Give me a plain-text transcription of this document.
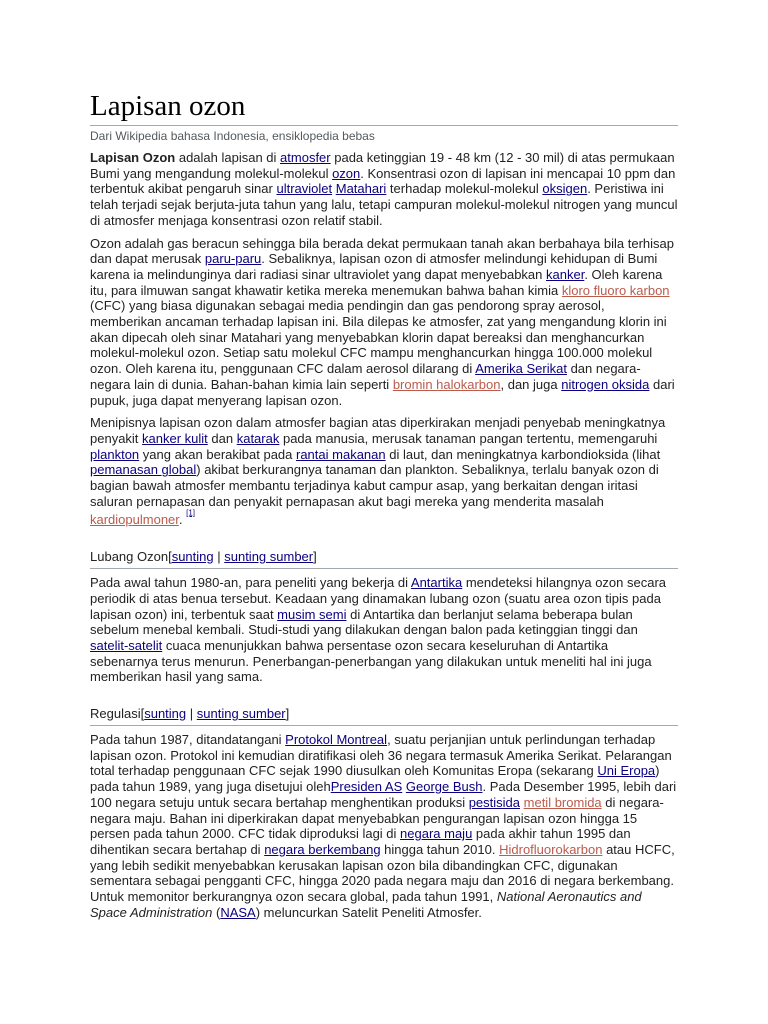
Lapisan ozon
Dari Wikipedia bahasa Indonesia, ensiklopedia bebas

Lapisan Ozon adalah lapisan di atmosfer pada ketinggian 19 - 48 km (12 - 30 mil) di atas permukaan Bumi yang mengandung molekul-molekul ozon. Konsentrasi ozon di lapisan ini mencapai 10 ppm dan terbentuk akibat pengaruh sinar ultraviolet Matahari terhadap molekul-molekul oksigen. Peristiwa ini telah terjadi sejak berjuta-juta tahun yang lalu, tetapi campuran molekul-molekul nitrogen yang muncul di atmosfer menjaga konsentrasi ozon relatif stabil.

Ozon adalah gas beracun sehingga bila berada dekat permukaan tanah akan berbahaya bila terhisap dan dapat merusak paru-paru. Sebaliknya, lapisan ozon di atmosfer melindungi kehidupan di Bumi karena ia melindunginya dari radiasi sinar ultraviolet yang dapat menyebabkan kanker. Oleh karena itu, para ilmuwan sangat khawatir ketika mereka menemukan bahwa bahan kimia kloro fluoro karbon (CFC) yang biasa digunakan sebagai media pendingin dan gas pendorong spray aerosol, memberikan ancaman terhadap lapisan ini. Bila dilepas ke atmosfer, zat yang mengandung klorin ini akan dipecah oleh sinar Matahari yang menyebabkan klorin dapat bereaksi dan menghancurkan molekul-molekul ozon. Setiap satu molekul CFC mampu menghancurkan hingga 100.000 molekul ozon. Oleh karena itu, penggunaan CFC dalam aerosol dilarang di Amerika Serikat dan negara-negara lain di dunia. Bahan-bahan kimia lain seperti bromin halokarbon, dan juga nitrogen oksida dari pupuk, juga dapat menyerang lapisan ozon.

Menipisnya lapisan ozon dalam atmosfer bagian atas diperkirakan menjadi penyebab meningkatnya penyakit kanker kulit dan katarak pada manusia, merusak tanaman pangan tertentu, memengaruhi plankton yang akan berakibat pada rantai makanan di laut, dan meningkatnya karbondioksida (lihat pemanasan global) akibat berkurangnya tanaman dan plankton. Sebaliknya, terlalu banyak ozon di bagian bawah atmosfer membantu terjadinya kabut campur asap, yang berkaitan dengan iritasi saluran pernapasan dan penyakit pernapasan akut bagi mereka yang menderita masalah kardiopulmoner. [1]

Lubang Ozon[sunting | sunting sumber]

Pada awal tahun 1980-an, para peneliti yang bekerja di Antartika mendeteksi hilangnya ozon secara periodik di atas benua tersebut. Keadaan yang dinamakan lubang ozon (suatu area ozon tipis pada lapisan ozon) ini, terbentuk saat musim semi di Antartika dan berlanjut selama beberapa bulan sebelum menebal kembali. Studi-studi yang dilakukan dengan balon pada ketinggian tinggi dan satelit-satelit cuaca menunjukkan bahwa persentase ozon secara keseluruhan di Antartika sebenarnya terus menurun. Penerbangan-penerbangan yang dilakukan untuk meneliti hal ini juga memberikan hasil yang sama.

Regulasi[sunting | sunting sumber]

Pada tahun 1987, ditandatangani Protokol Montreal, suatu perjanjian untuk perlindungan terhadap lapisan ozon. Protokol ini kemudian diratifikasi oleh 36 negara termasuk Amerika Serikat. Pelarangan total terhadap penggunaan CFC sejak 1990 diusulkan oleh Komunitas Eropa (sekarang Uni Eropa) pada tahun 1989, yang juga disetujui olehPresiden AS George Bush. Pada Desember 1995, lebih dari 100 negara setuju untuk secara bertahap menghentikan produksi pestisida metil bromida di negara-negara maju. Bahan ini diperkirakan dapat menyebabkan pengurangan lapisan ozon hingga 15 persen pada tahun 2000. CFC tidak diproduksi lagi di negara maju pada akhir tahun 1995 dan dihentikan secara bertahap di negara berkembang hingga tahun 2010. Hidrofluorokarbon atau HCFC, yang lebih sedikit menyebabkan kerusakan lapisan ozon bila dibandingkan CFC, digunakan sementara sebagai pengganti CFC, hingga 2020 pada negara maju dan 2016 di negara berkembang. Untuk memonitor berkurangnya ozon secara global, pada tahun 1991, National Aeronautics and Space Administration (NASA) meluncurkan Satelit Peneliti Atmosfer.
